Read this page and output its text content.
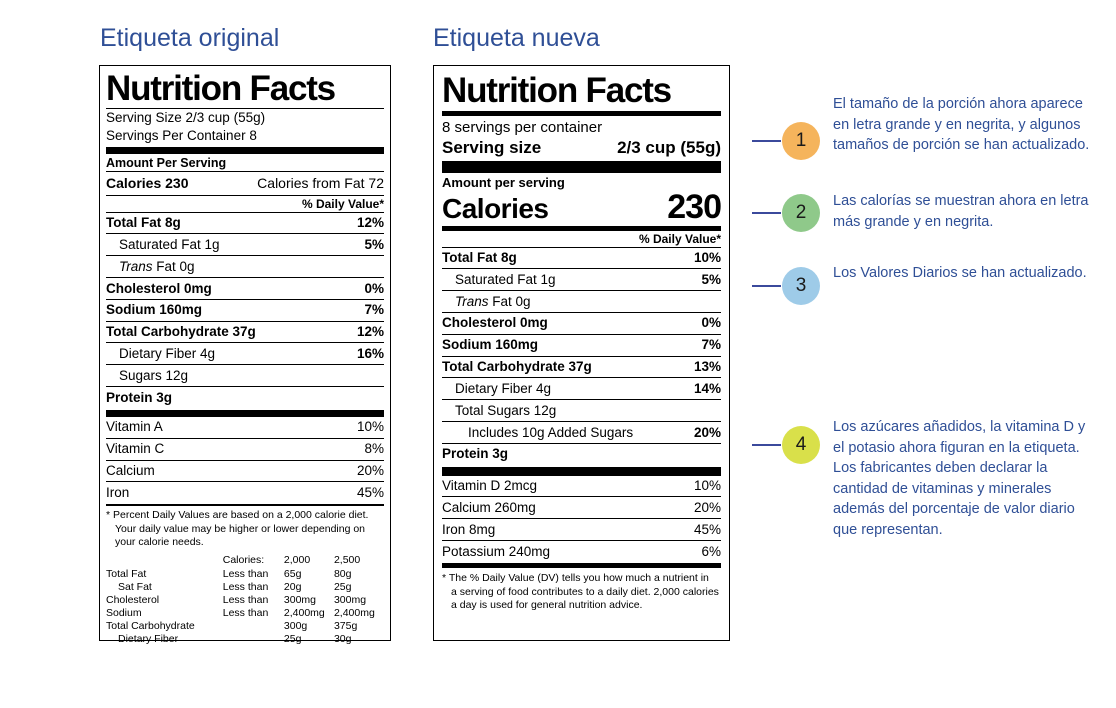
Etiqueta original	Etiqueta nueva
Nutrition Facts
Serving Size 2/3 cup (55g)
Servings Per Container 8
Amount Per Serving
Calories 230	Calories from Fat 72
% Daily Value*
Total Fat 8g	12%
Saturated Fat 1g	5%
Trans Fat 0g
Cholesterol 0mg	0%
Sodium 160mg	7%
Total Carbohydrate 37g	12%
Dietary Fiber 4g	16%
Sugars 12g
Protein 3g
Vitamin A	10%
Vitamin C	8%
Calcium	20%
Iron	45%
* Percent Daily Values are based on a 2,000 calorie diet.
Your daily value may be higher or lower depending on
your calorie needs.
	Calories:	2,000	2,500
Total Fat	Less than	65g	80g
Sat Fat	Less than	20g	25g
Cholesterol	Less than	300mg	300mg
Sodium	Less than	2,400mg	2,400mg
Total Carbohydrate		300g	375g
Dietary Fiber		25g	30g
Nutrition Facts
8 servings per container
Serving size	2/3 cup (55g)
Amount per serving
Calories	230
% Daily Value*
Total Fat 8g	10%
Saturated Fat 1g	5%
Trans Fat 0g
Cholesterol 0mg	0%
Sodium 160mg	7%
Total Carbohydrate 37g	13%
Dietary Fiber 4g	14%
Total Sugars 12g
Includes 10g Added Sugars	20%
Protein 3g
Vitamin D 2mcg	10%
Calcium 260mg	20%
Iron 8mg	45%
Potassium 240mg	6%
* The % Daily Value (DV) tells you how much a nutrient in
a serving of food contributes to a daily diet. 2,000 calories
a day is used for general nutrition advice.
1
El tamaño de la porción ahora aparece en letra grande y en negrita, y algunos tamaños de porción se han actualizado.
2
Las calorías se muestran ahora en letra más grande y en negrita.
3
Los Valores Diarios se han actualizado.
4
Los azúcares añadidos, la vitamina D y el potasio ahora figuran en la etiqueta. Los fabricantes deben declarar la cantidad de vitaminas y minerales además del porcentaje de valor diario que representan.
